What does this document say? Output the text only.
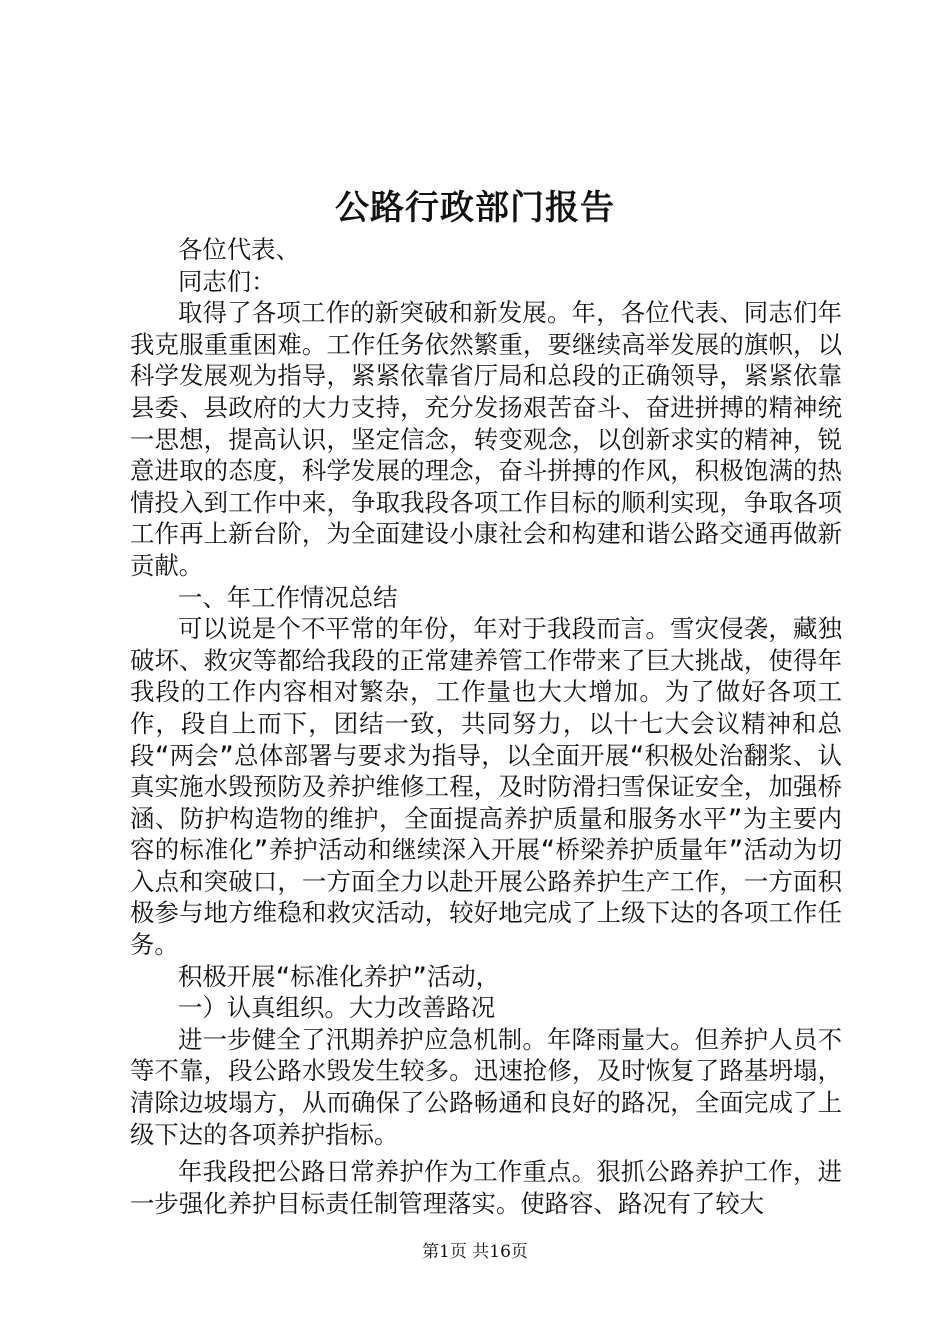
公路行政部门报告

各位代表、

同志们：

取得了各项工作的新突破和新发展。年，各位代表、同志们年我克服重重困难。工作任务依然繁重，要继续高举发展的旗帜，以科学发展观为指导，紧紧依靠省厅局和总段的正确领导，紧紧依靠县委、县政府的大力支持，充分发扬艰苦奋斗、奋进拼搏的精神统一思想，提高认识，坚定信念，转变观念，以创新求实的精神，锐意进取的态度，科学发展的理念，奋斗拼搏的作风，积极饱满的热情投入到工作中来，争取我段各项工作目标的顺利实现，争取各项工作再上新台阶，为全面建设小康社会和构建和谐公路交通再做新贡献。

一、年工作情况总结

可以说是个不平常的年份，年对于我段而言。雪灾侵袭，藏独破坏、救灾等都给我段的正常建养管工作带来了巨大挑战，使得年我段的工作内容相对繁杂，工作量也大大增加。为了做好各项工作，段自上而下，团结一致，共同努力，以十七大会议精神和总段“两会”总体部署与要求为指导，以全面开展“积极处治翻浆、认真实施水毁预防及养护维修工程，及时防滑扫雪保证安全，加强桥涵、防护构造物的维护，全面提高养护质量和服务水平”为主要内容的标准化”养护活动和继续深入开展“桥梁养护质量年”活动为切入点和突破口，一方面全力以赴开展公路养护生产工作，一方面积极参与地方维稳和救灾活动，较好地完成了上级下达的各项工作任务。

积极开展“标准化养护”活动，

一）认真组织。大力改善路况

进一步健全了汛期养护应急机制。年降雨量大。但养护人员不等不靠，段公路水毁发生较多。迅速抢修，及时恢复了路基坍塌，清除边坡塌方，从而确保了公路畅通和良好的路况，全面完成了上级下达的各项养护指标。

年我段把公路日常养护作为工作重点。狠抓公路养护工作，进一步强化养护目标责任制管理落实。使路容、路况有了较大

第1页 共16页
